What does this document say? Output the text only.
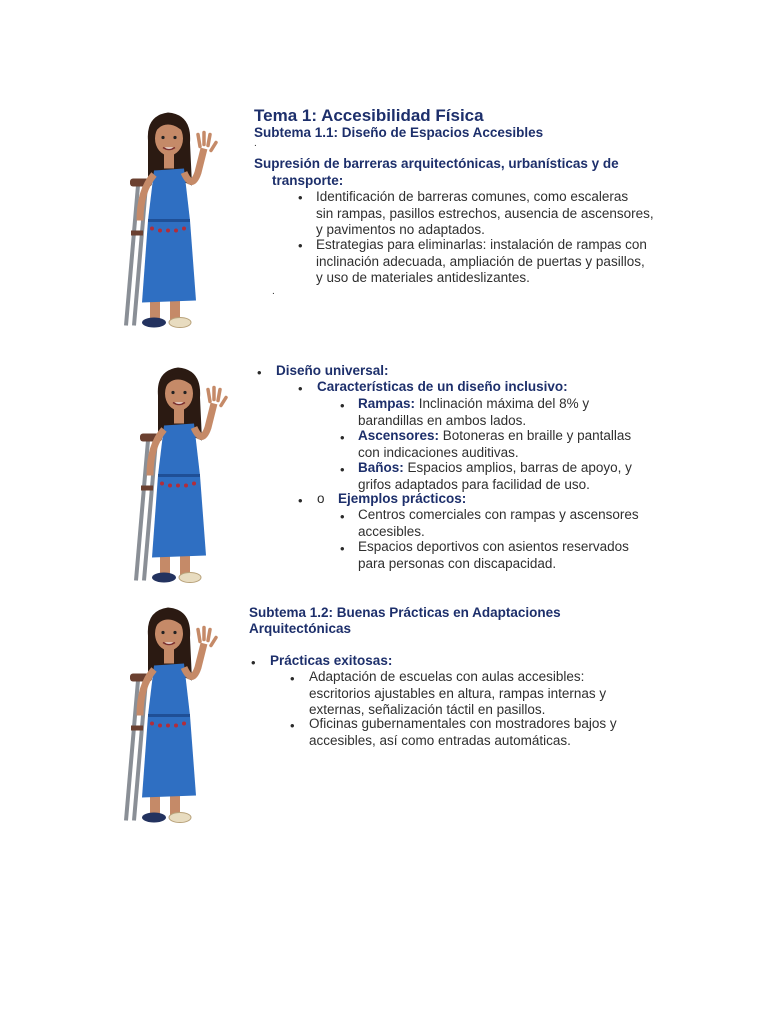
Tema 1: Accesibilidad Física
Subtema 1.1: Diseño de Espacios Accesibles
.
Supresión de barreras arquitectónicas, urbanísticas y de
transporte:
• Identificación de barreras comunes, como escaleras
sin rampas, pasillos estrechos, ausencia de ascensores,
y pavimentos no adaptados.
• Estrategias para eliminarlas: instalación de rampas con
inclinación adecuada, ampliación de puertas y pasillos,
y uso de materiales antideslizantes.
.
• Diseño universal:
• Características de un diseño inclusivo:
• Rampas: Inclinación máxima del 8% y
barandillas en ambos lados.
• Ascensores: Botoneras en braille y pantallas
con indicaciones auditivas.
• Baños: Espacios amplios, barras de apoyo, y
grifos adaptados para facilidad de uso.
• o Ejemplos prácticos:
• Centros comerciales con rampas y ascensores
accesibles.
• Espacios deportivos con asientos reservados
para personas con discapacidad.
Subtema 1.2: Buenas Prácticas en Adaptaciones
Arquitectónicas
• Prácticas exitosas:
• Adaptación de escuelas con aulas accesibles:
escritorios ajustables en altura, rampas internas y
externas, señalización táctil en pasillos.
• Oficinas gubernamentales con mostradores bajos y
accesibles, así como entradas automáticas.
